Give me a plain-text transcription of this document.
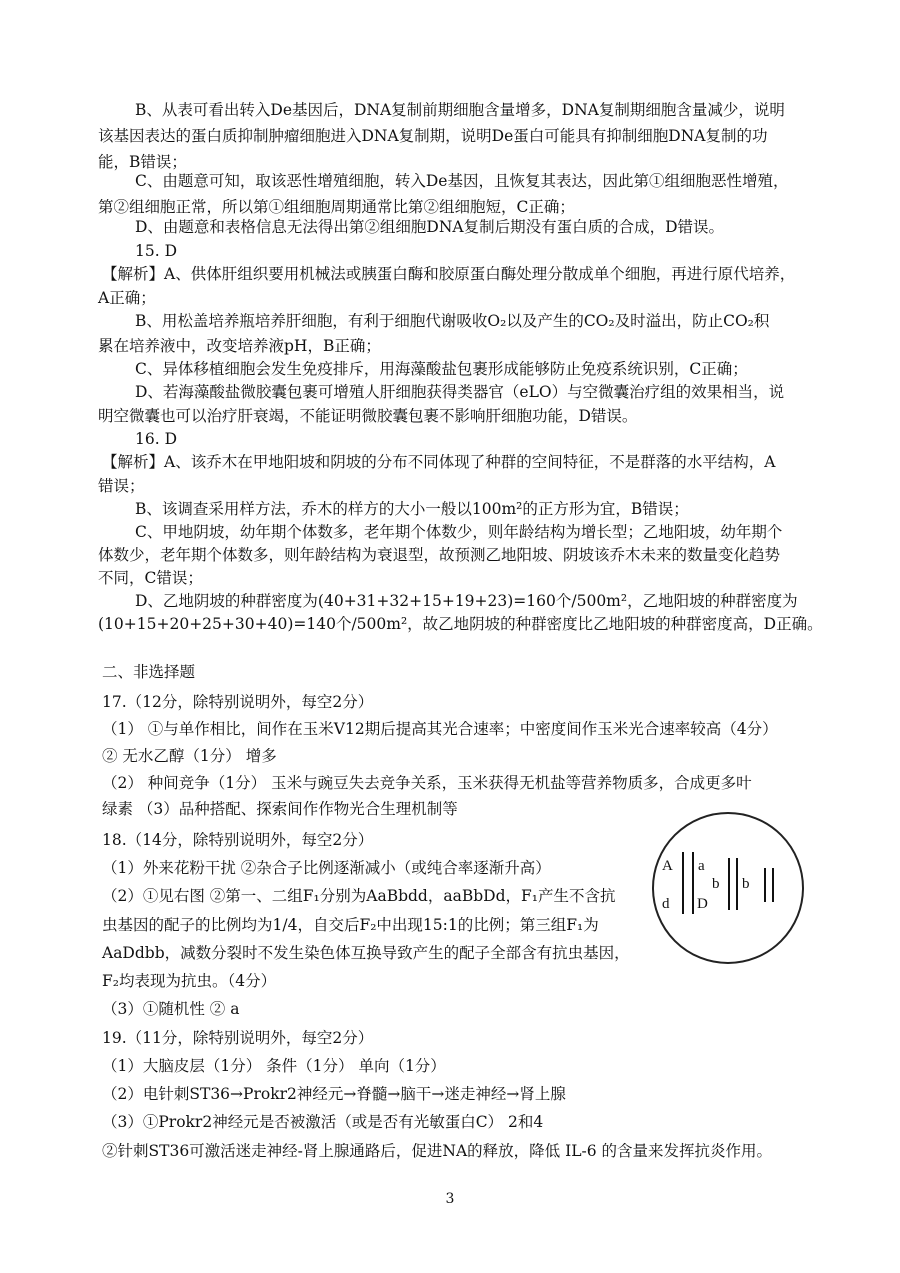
B、从表可看出转入De基因后，DNA复制前期细胞含量增多，DNA复制期细胞含量减少，说明
该基因表达的蛋白质抑制肿瘤细胞进入DNA复制期，说明De蛋白可能具有抑制细胞DNA复制的功
能，B错误；
C、由题意可知，取该恶性增殖细胞，转入De基因，且恢复其表达，因此第①组细胞恶性增殖，
第②组细胞正常，所以第①组细胞周期通常比第②组细胞短，C正确；
D、由题意和表格信息无法得出第②组细胞DNA复制后期没有蛋白质的合成，D错误。
15. D
【解析】A、供体肝组织要用机械法或胰蛋白酶和胶原蛋白酶处理分散成单个细胞，再进行原代培养，
A正确；
B、用松盖培养瓶培养肝细胞，有利于细胞代谢吸收O₂以及产生的CO₂及时溢出，防止CO₂积
累在培养液中，改变培养液pH，B正确；
C、异体移植细胞会发生免疫排斥，用海藻酸盐包裹形成能够防止免疫系统识别，C正确；
D、若海藻酸盐微胶囊包裹可增殖人肝细胞获得类器官（eLO）与空微囊治疗组的效果相当，说
明空微囊也可以治疗肝衰竭，不能证明微胶囊包裹不影响肝细胞功能，D错误。
16. D
【解析】A、该乔木在甲地阳坡和阴坡的分布不同体现了种群的空间特征，不是群落的水平结构，A
错误；
B、该调查采用样方法，乔木的样方的大小一般以100m²的正方形为宜，B错误；
C、甲地阴坡，幼年期个体数多，老年期个体数少，则年龄结构为增长型；乙地阳坡，幼年期个
体数少，老年期个体数多，则年龄结构为衰退型，故预测乙地阳坡、阴坡该乔木未来的数量变化趋势
不同，C错误；
D、乙地阴坡的种群密度为(40+31+32+15+19+23)=160个/500m²，乙地阳坡的种群密度为
(10+15+20+25+30+40)=140个/500m²，故乙地阴坡的种群密度比乙地阳坡的种群密度高，D正确。
二、非选择题
17.（12分，除特别说明外，每空2分）
（1） ①与单作相比，间作在玉米V12期后提高其光合速率；中密度间作玉米光合速率较高（4分）
② 无水乙醇（1分） 增多
（2） 种间竞争（1分） 玉米与豌豆失去竞争关系，玉米获得无机盐等营养物质多，合成更多叶
绿素 （3）品种搭配、探索间作作物光合生理机制等
18.（14分，除特别说明外，每空2分）
（1）外来花粉干扰 ②杂合子比例逐渐减小（或纯合率逐渐升高）
（2）①见右图 ②第一、二组F₁分别为AaBbdd，aaBbDd，F₁产生不含抗
虫基因的配子的比例均为1/4，自交后F₂中出现15:1的比例；第三组F₁为
AaDdbb，减数分裂时不发生染色体互换导致产生的配子全部含有抗虫基因，
F₂均表现为抗虫。（4分）
（3）①随机性 ② a
19.（11分，除特别说明外，每空2分）
（1）大脑皮层（1分） 条件（1分） 单向（1分）
（2）电针刺ST36→Prokr2神经元→脊髓→脑干→迷走神经→肾上腺
（3）①Prokr2神经元是否被激活（或是否有光敏蛋白C） 2和4
②针刺ST36可激活迷走神经-肾上腺通路后，促进NA的释放，降低 IL-6 的含量来发挥抗炎作用。
A a
b b
d D
3
